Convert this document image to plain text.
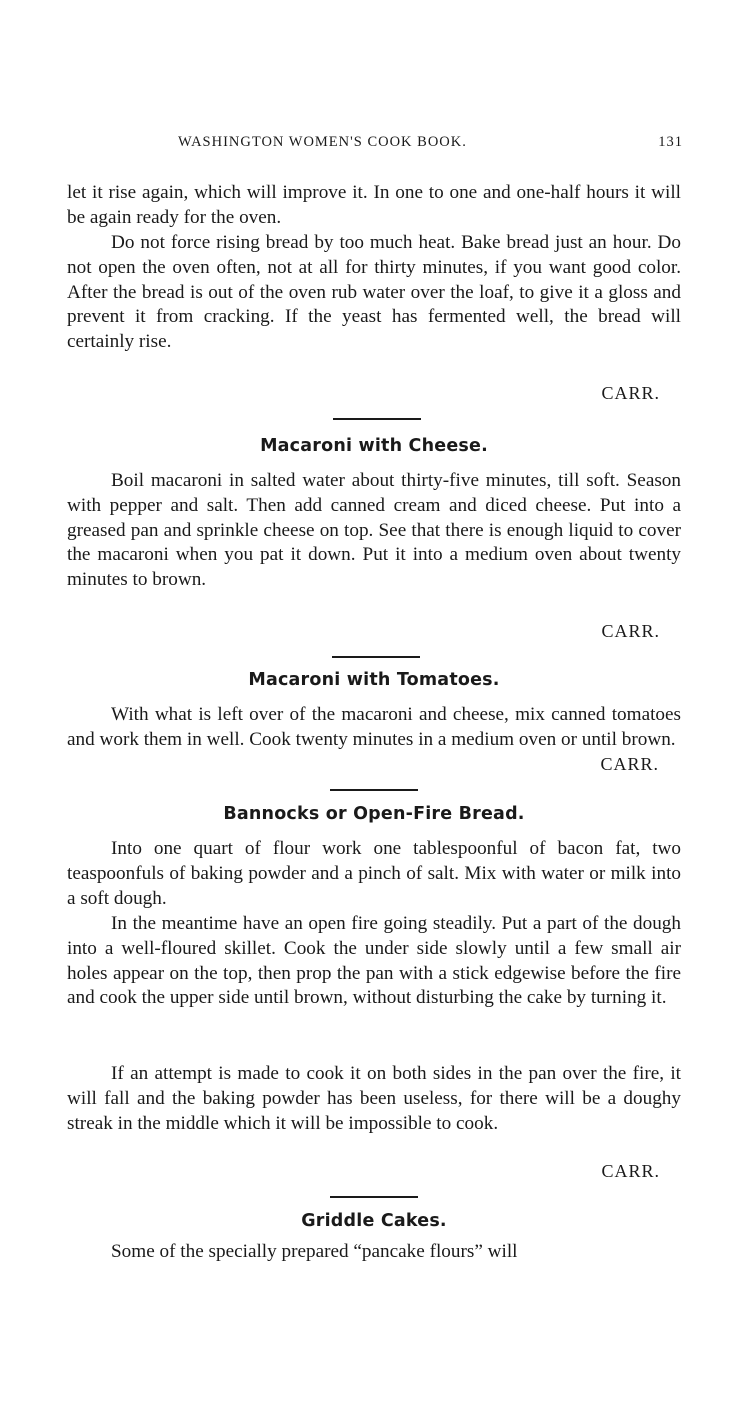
WASHINGTON WOMEN'S COOK BOOK.	131

let it rise again, which will improve it. In one to one and one-half hours it will be again ready for the oven.

Do not force rising bread by too much heat. Bake bread just an hour. Do not open the oven often, not at all for thirty minutes, if you want good color. After the bread is out of the oven rub water over the loaf, to give it a gloss and prevent it from cracking. If the yeast has fermented well, the bread will certainly rise.

CARR.
Macaroni with Cheese.

Boil macaroni in salted water about thirty-five minutes, till soft. Season with pepper and salt. Then add canned cream and diced cheese. Put into a greased pan and sprinkle cheese on top. See that there is enough liquid to cover the macaroni when you pat it down. Put it into a medium oven about twenty minutes to brown.

CARR.
Macaroni with Tomatoes.

With what is left over of the macaroni and cheese, mix canned tomatoes and work them in well. Cook twenty minutes in a medium oven or until brown.

CARR.
Bannocks or Open-Fire Bread.

Into one quart of flour work one tablespoonful of bacon fat, two teaspoonfuls of baking powder and a pinch of salt. Mix with water or milk into a soft dough.

In the meantime have an open fire going steadily. Put a part of the dough into a well-floured skillet. Cook the under side slowly until a few small air holes appear on the top, then prop the pan with a stick edgewise before the fire and cook the upper side until brown, without disturbing the cake by turning it.

If an attempt is made to cook it on both sides in the pan over the fire, it will fall and the baking powder has been useless, for there will be a doughy streak in the middle which it will be impossible to cook.

CARR.
Griddle Cakes.

Some of the specially prepared “pancake flours” will
